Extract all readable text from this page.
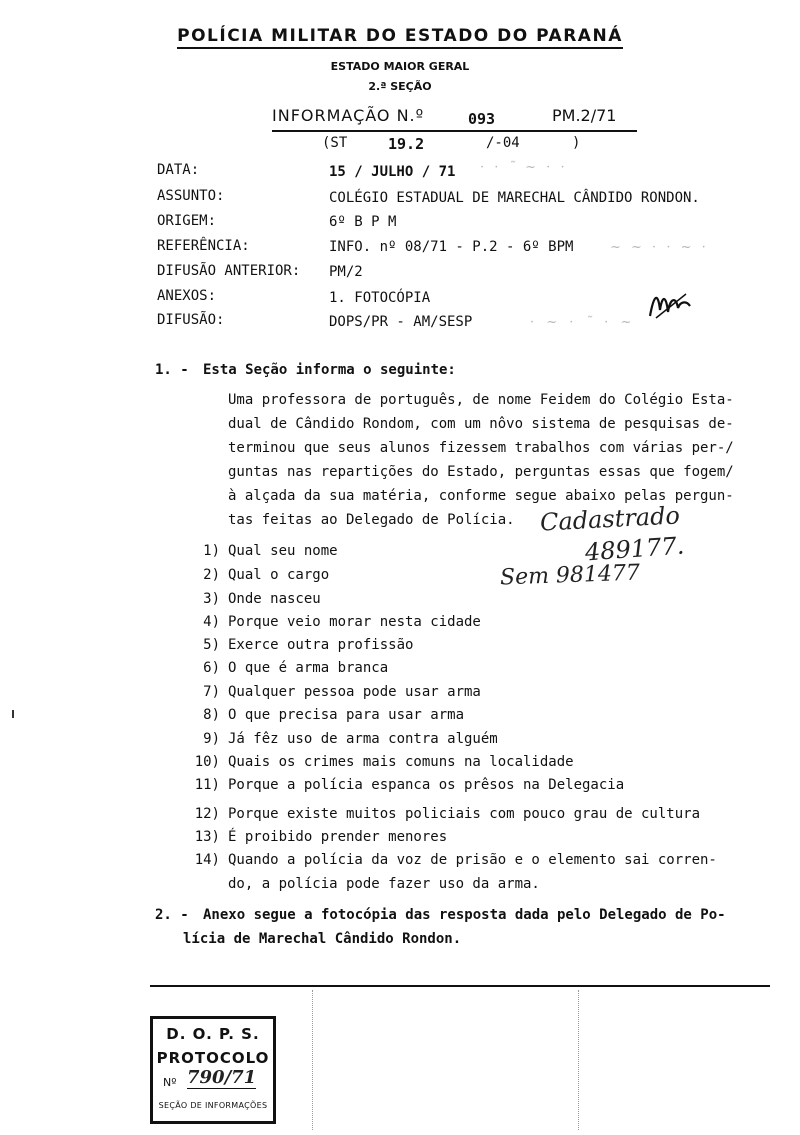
POLÍCIA MILITAR DO ESTADO DO PARANÁ
ESTADO MAIOR GERAL
2.ª SEÇÃO
INFORMAÇÃO N.º	093	PM.2/71
(ST	19.2	/-04	)
DATA:	15 / JULHO / 71
ASSUNTO:	COLÉGIO ESTADUAL DE MARECHAL CÂNDIDO RONDON.
ORIGEM:	6º B P M
REFERÊNCIA:	INFO. nº 08/71 - P.2 - 6º BPM
DIFUSÃO ANTERIOR: PM/2
ANEXOS:	1. FOTOCÓPIA
DIFUSÃO:	DOPS/PR - AM/SESP
· · ˜ ~ · ·
~ ~ · · ~ ·
· ~ · ˜ · ~
1. - Esta Seção informa o seguinte:
Uma professora de português, de nome Feidem do Colégio Esta-
dual de Cândido Rondom, com um nôvo sistema de pesquisas de-
terminou que seus alunos fizessem trabalhos com várias per-/
guntas nas repartições do Estado, perguntas essas que fogem/
à alçada da sua matéria, conforme segue abaixo pelas pergun-
tas feitas ao Delegado de Polícia.	Cadastrado
489177.
Sem 981477
1) Qual seu nome
2) Qual o cargo
3) Onde nasceu
4) Porque veio morar nesta cidade
5) Exerce outra profissão
6) O que é arma branca
7) Qualquer pessoa pode usar arma
8) O que precisa para usar arma
9) Já fêz uso de arma contra alguém
10) Quais os crimes mais comuns na localidade
11) Porque a polícia espanca os prêsos na Delegacia
12) Porque existe muitos policiais com pouco grau de cultura
13) É proibido prender menores
14) Quando a polícia da voz de prisão e o elemento sai corren-
do, a polícia pode fazer uso da arma.
2. - Anexo segue a fotocópia das resposta dada pelo Delegado de Po-
lícia de Marechal Cândido Rondon.
D. O. P. S.
PROTOCOLO
Nº 790/71
SEÇÃO DE INFORMAÇÕES
